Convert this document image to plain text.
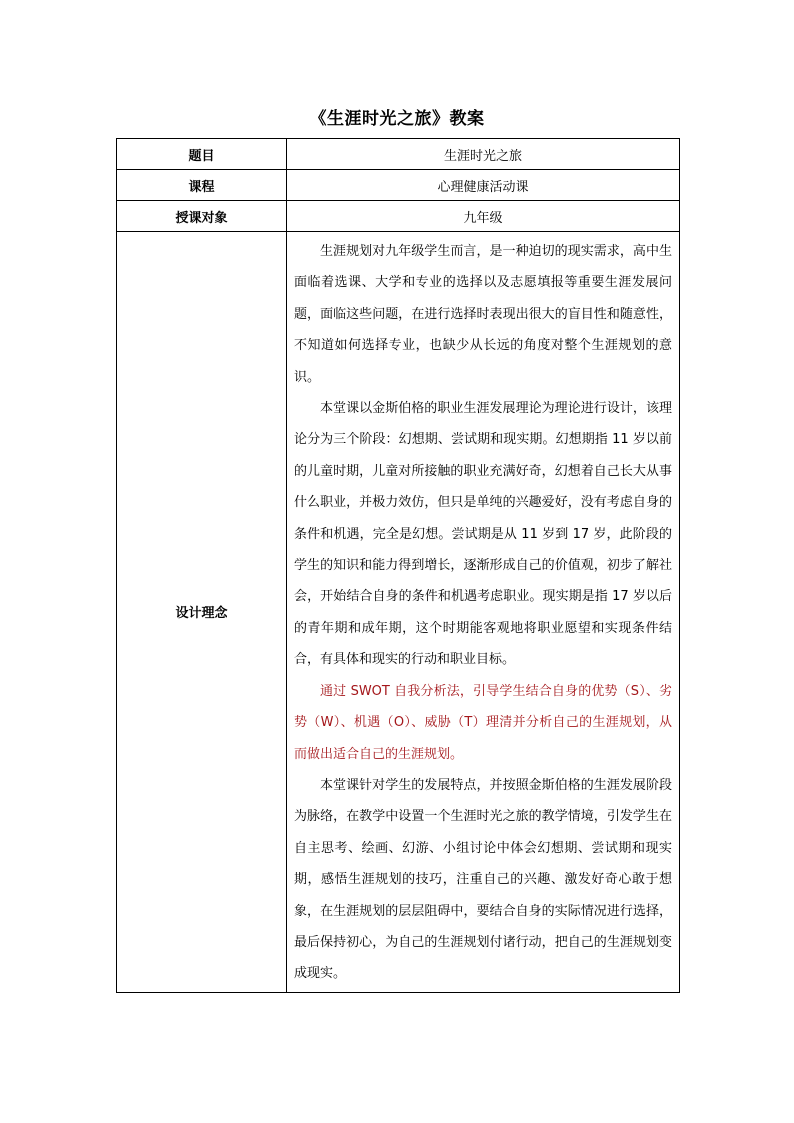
《生涯时光之旅》教案
题目	生涯时光之旅
课程	心理健康活动课
授课对象	九年级
设计理念	生涯规划对九年级学生而言，是一种迫切的现实需求，高中生面临着选课、大学和专业的选择以及志愿填报等重要生涯发展问题，面临这些问题，在进行选择时表现出很大的盲目性和随意性，不知道如何选择专业，也缺少从长远的角度对整个生涯规划的意识。

本堂课以金斯伯格的职业生涯发展理论为理论进行设计，该理论分为三个阶段：幻想期、尝试期和现实期。幻想期指 11 岁以前的儿童时期，儿童对所接触的职业充满好奇，幻想着自己长大从事什么职业，并极力效仿，但只是单纯的兴趣爱好，没有考虑自身的条件和机遇，完全是幻想。尝试期是从 11 岁到 17 岁，此阶段的学生的知识和能力得到增长，逐渐形成自己的价值观，初步了解社会，开始结合自身的条件和机遇考虑职业。现实期是指 17 岁以后的青年期和成年期，这个时期能客观地将职业愿望和实现条件结合，有具体和现实的行动和职业目标。

通过 SWOT 自我分析法，引导学生结合自身的优势（S）、劣势（W）、机遇（O）、威胁（T）理清并分析自己的生涯规划，从而做出适合自己的生涯规划。

本堂课针对学生的发展特点，并按照金斯伯格的生涯发展阶段为脉络，在教学中设置一个生涯时光之旅的教学情境，引发学生在自主思考、绘画、幻游、小组讨论中体会幻想期、尝试期和现实期，感悟生涯规划的技巧，注重自己的兴趣、激发好奇心敢于想象，在生涯规划的层层阻碍中，要结合自身的实际情况进行选择，最后保持初心，为自己的生涯规划付诸行动，把自己的生涯规划变成现实。
